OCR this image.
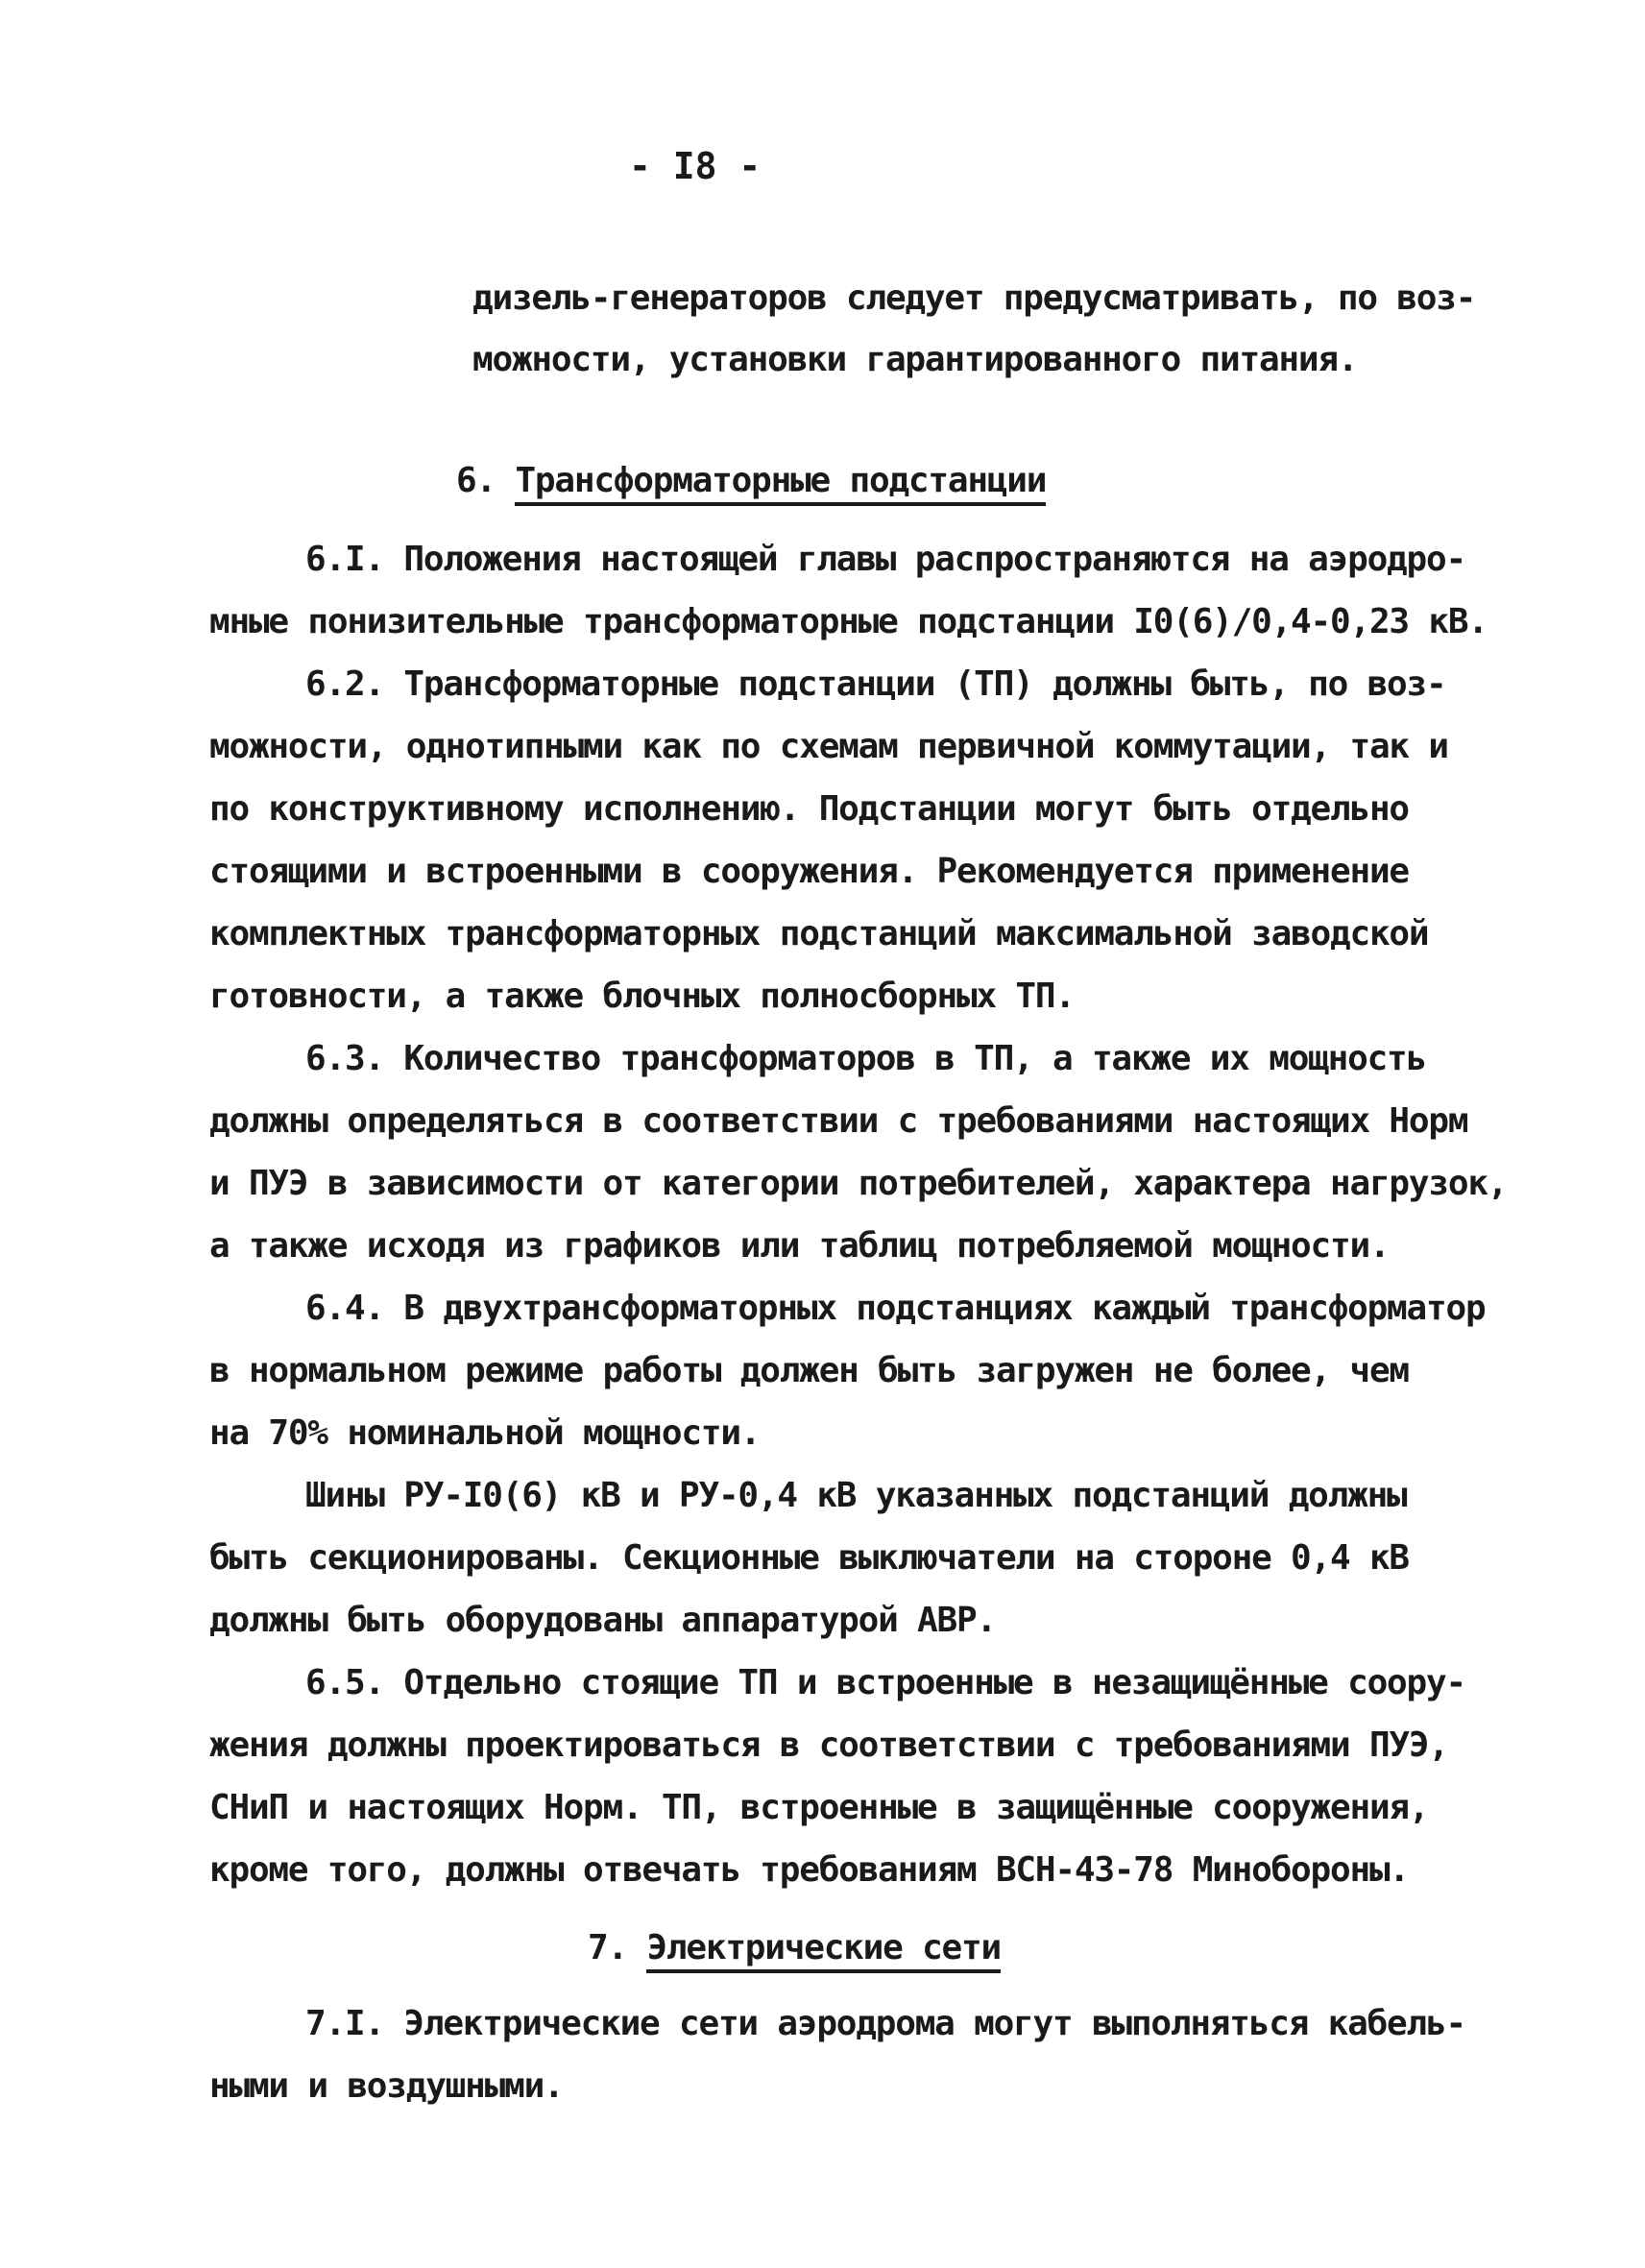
- I8 -
дизель-генераторов следует предусматривать, по воз-
можности, установки гарантированного питания.
6. Трансформаторные подстанции
6.I. Положения настоящей главы распространяются на аэродро-
мные понизительные трансформаторные подстанции I0(6)/0,4-0,23 кВ.
6.2. Трансформаторные подстанции (ТП) должны быть, по воз-
можности, однотипными как по схемам первичной коммутации, так и
по конструктивному исполнению. Подстанции могут быть отдельно
стоящими и встроенными в сооружения. Рекомендуется применение
комплектных трансформаторных подстанций максимальной заводской
готовности, а также блочных полносборных ТП.
6.3. Количество трансформаторов в ТП, а также их мощность
должны определяться в соответствии с требованиями настоящих Норм
и ПУЭ в зависимости от категории потребителей, характера нагрузок,
а также исходя из графиков или таблиц потребляемой мощности.
6.4. В двухтрансформаторных подстанциях каждый трансформатор
в нормальном режиме работы должен быть загружен не более, чем
на 70% номинальной мощности.
Шины РУ-I0(6) кВ и РУ-0,4 кВ указанных подстанций должны
быть секционированы. Секционные выключатели на стороне 0,4 кВ
должны быть оборудованы аппаратурой АВР.
6.5. Отдельно стоящие ТП и встроенные в незащищённые соору-
жения должны проектироваться в соответствии с требованиями ПУЭ,
СНиП и настоящих Норм. ТП, встроенные в защищённые сооружения,
кроме того, должны отвечать требованиям ВСН-43-78 Минобороны.
7. Электрические сети
7.I. Электрические сети аэродрома могут выполняться кабель-
ными и воздушными.
